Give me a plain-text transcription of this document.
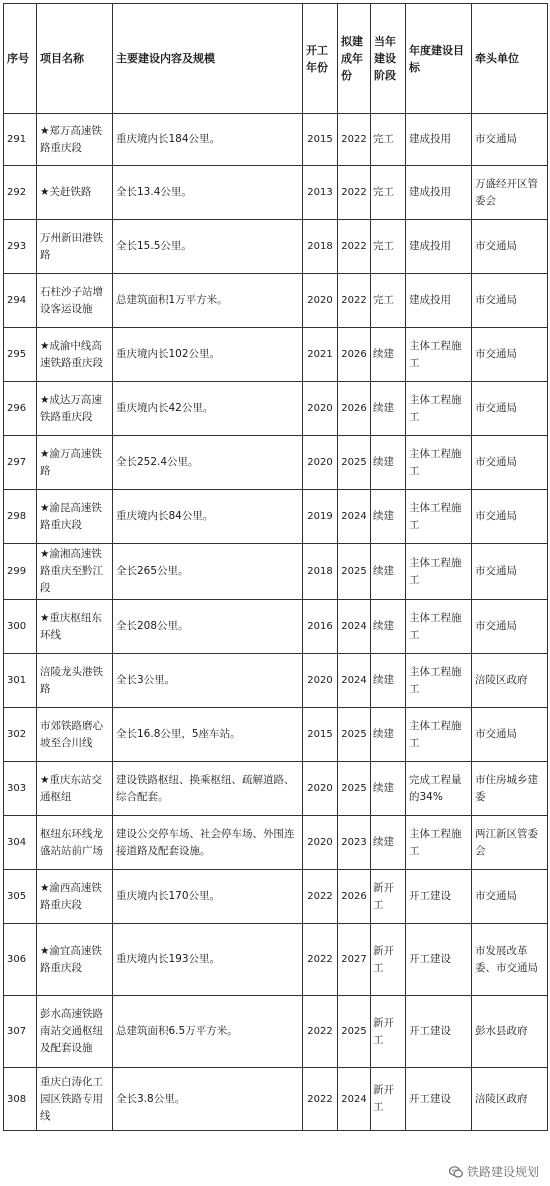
序号	项目名称	主要建设内容及规模	开工年份	拟建成年份	当年建设阶段	年度建设目标	牵头单位
291	★郑万高速铁路重庆段	重庆境内长184公里。	2015	2022	完工	建成投用	市交通局
292	★关赶铁路	全长13.4公里。	2013	2022	完工	建成投用	万盛经开区管委会
293	万州新田港铁路	全长15.5公里。	2018	2022	完工	建成投用	市交通局
294	石柱沙子站增设客运设施	总建筑面积1万平方米。	2020	2022	完工	建成投用	市交通局
295	★成渝中线高速铁路重庆段	重庆境内长102公里。	2021	2026	续建	主体工程施工	市交通局
296	★成达万高速铁路重庆段	重庆境内长42公里。	2020	2026	续建	主体工程施工	市交通局
297	★渝万高速铁路	全长252.4公里。	2020	2025	续建	主体工程施工	市交通局
298	★渝昆高速铁路重庆段	重庆境内长84公里。	2019	2024	续建	主体工程施工	市交通局
299	★渝湘高速铁路重庆至黔江段	全长265公里。	2018	2025	续建	主体工程施工	市交通局
300	★重庆枢纽东环线	全长208公里。	2016	2024	续建	主体工程施工	市交通局
301	涪陵龙头港铁路	全长3公里。	2020	2024	续建	主体工程施工	涪陵区政府
302	市郊铁路磨心坡至合川线	全长16.8公里，5座车站。	2015	2025	续建	主体工程施工	市交通局
303	★重庆东站交通枢纽	建设铁路枢纽、换乘枢纽、疏解道路、综合配套。	2020	2025	续建	完成工程量的34%	市住房城乡建委
304	枢纽东环线龙盛站站前广场	建设公交停车场、社会停车场、外围连接道路及配套设施。	2020	2023	续建	主体工程施工	两江新区管委会
305	★渝西高速铁路重庆段	重庆境内长170公里。	2022	2026	新开工	开工建设	市交通局
306	★渝宜高速铁路重庆段	重庆境内长193公里。	2022	2027	新开工	开工建设	市发展改革委、市交通局
307	彭水高速铁路南站交通枢纽及配套设施	总建筑面积6.5万平方米。	2022	2025	新开工	开工建设	彭水县政府
308	重庆白涛化工园区铁路专用线	全长3.8公里。	2022	2024	新开工	开工建设	涪陵区政府
铁路建设规划
